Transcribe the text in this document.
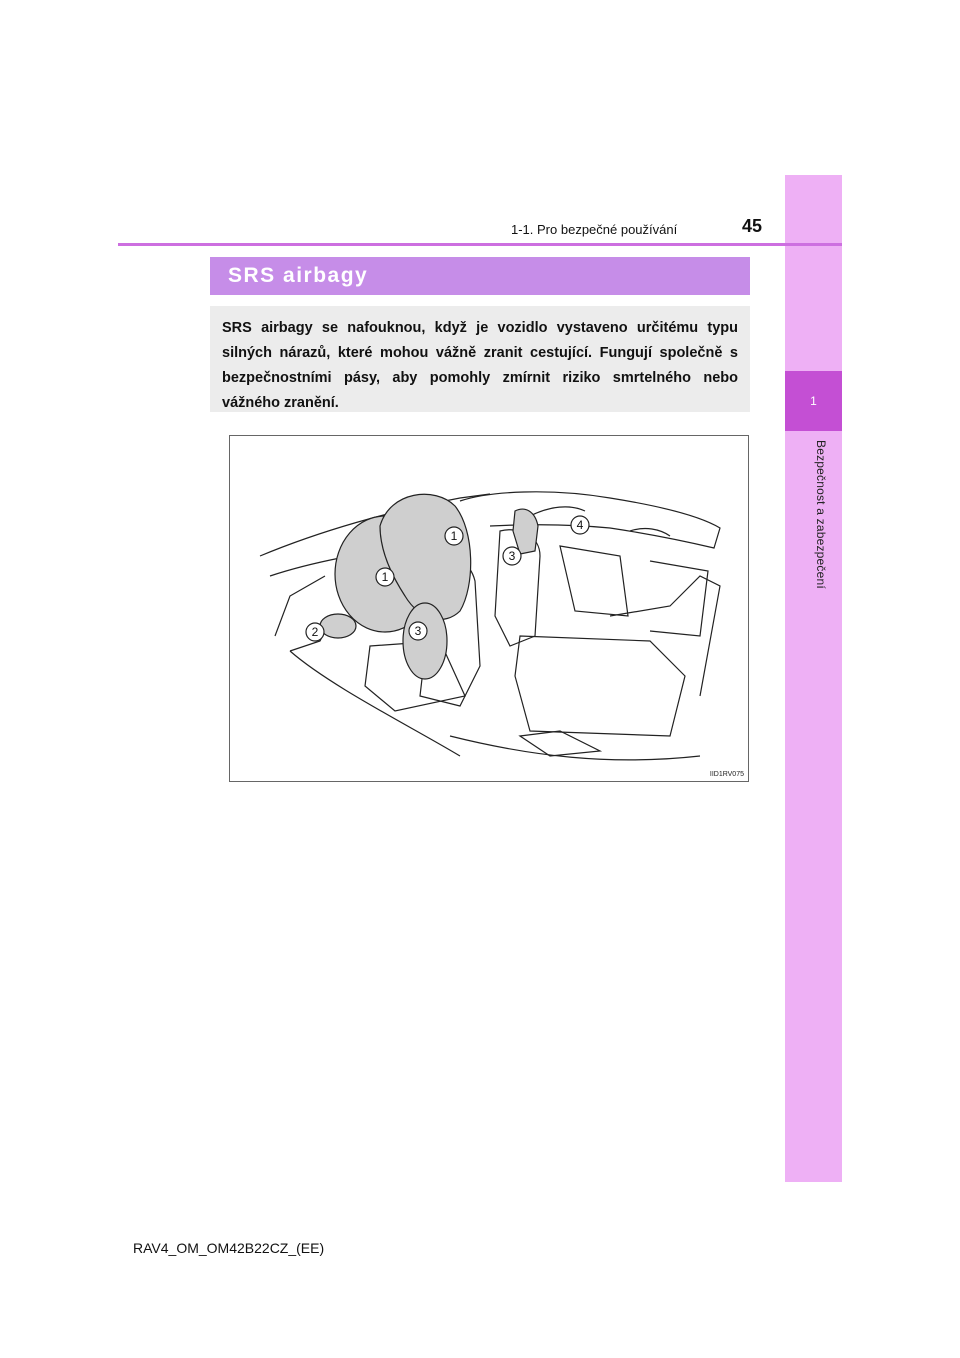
1
Bezpečnost a zabezpečení
1-1. Pro bezpečné používání	45
SRS airbagy

SRS airbagy se nafouknou, když je vozidlo vystaveno určitému typu silných nárazů, které mohou vážně zranit cestující. Fungují společně s bezpečnostními pásy, aby pomohly zmírnit riziko smrtelného nebo vážného zranění.

1
1
2	3
3
4
IID1RV075
RAV4_OM_OM42B22CZ_(EE)
